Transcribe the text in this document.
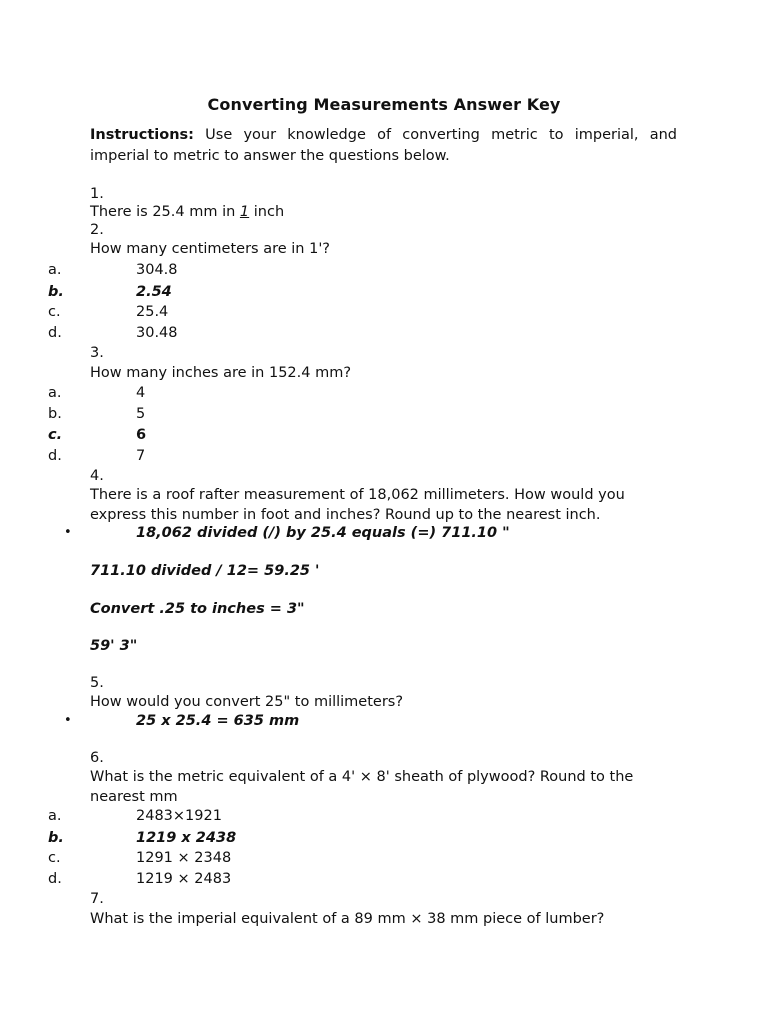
Converting Measurements Answer Key
Instructions: Use your knowledge of converting metric to imperial, and imperial to metric to answer the questions below.
1.
There is 25.4 mm in 1 inch
2.
How many centimeters are in 1'?
a.	304.8
b.	2.54
c.	25.4
d.	30.48
3.
How many inches are in 152.4 mm?
a.	4
b.	5
c.	6
d.	7
4.
There is a roof rafter measurement of 18,062 millimeters. How would you express this number in foot and inches? Round up to the nearest inch.
•	18,062 divided (/) by 25.4 equals (=) 711.10 "
711.10 divided / 12= 59.25 '
Convert .25 to inches = 3"
59' 3"
5.
How would you convert 25" to millimeters?
•	25 x 25.4 = 635 mm
6.
What is the metric equivalent of a 4' × 8' sheath of plywood? Round to the nearest mm
a.	2483×1921
b.	1219 x 2438
c.	1291 × 2348
d.	1219 × 2483
7.
What is the imperial equivalent of a 89 mm × 38 mm piece of lumber?
